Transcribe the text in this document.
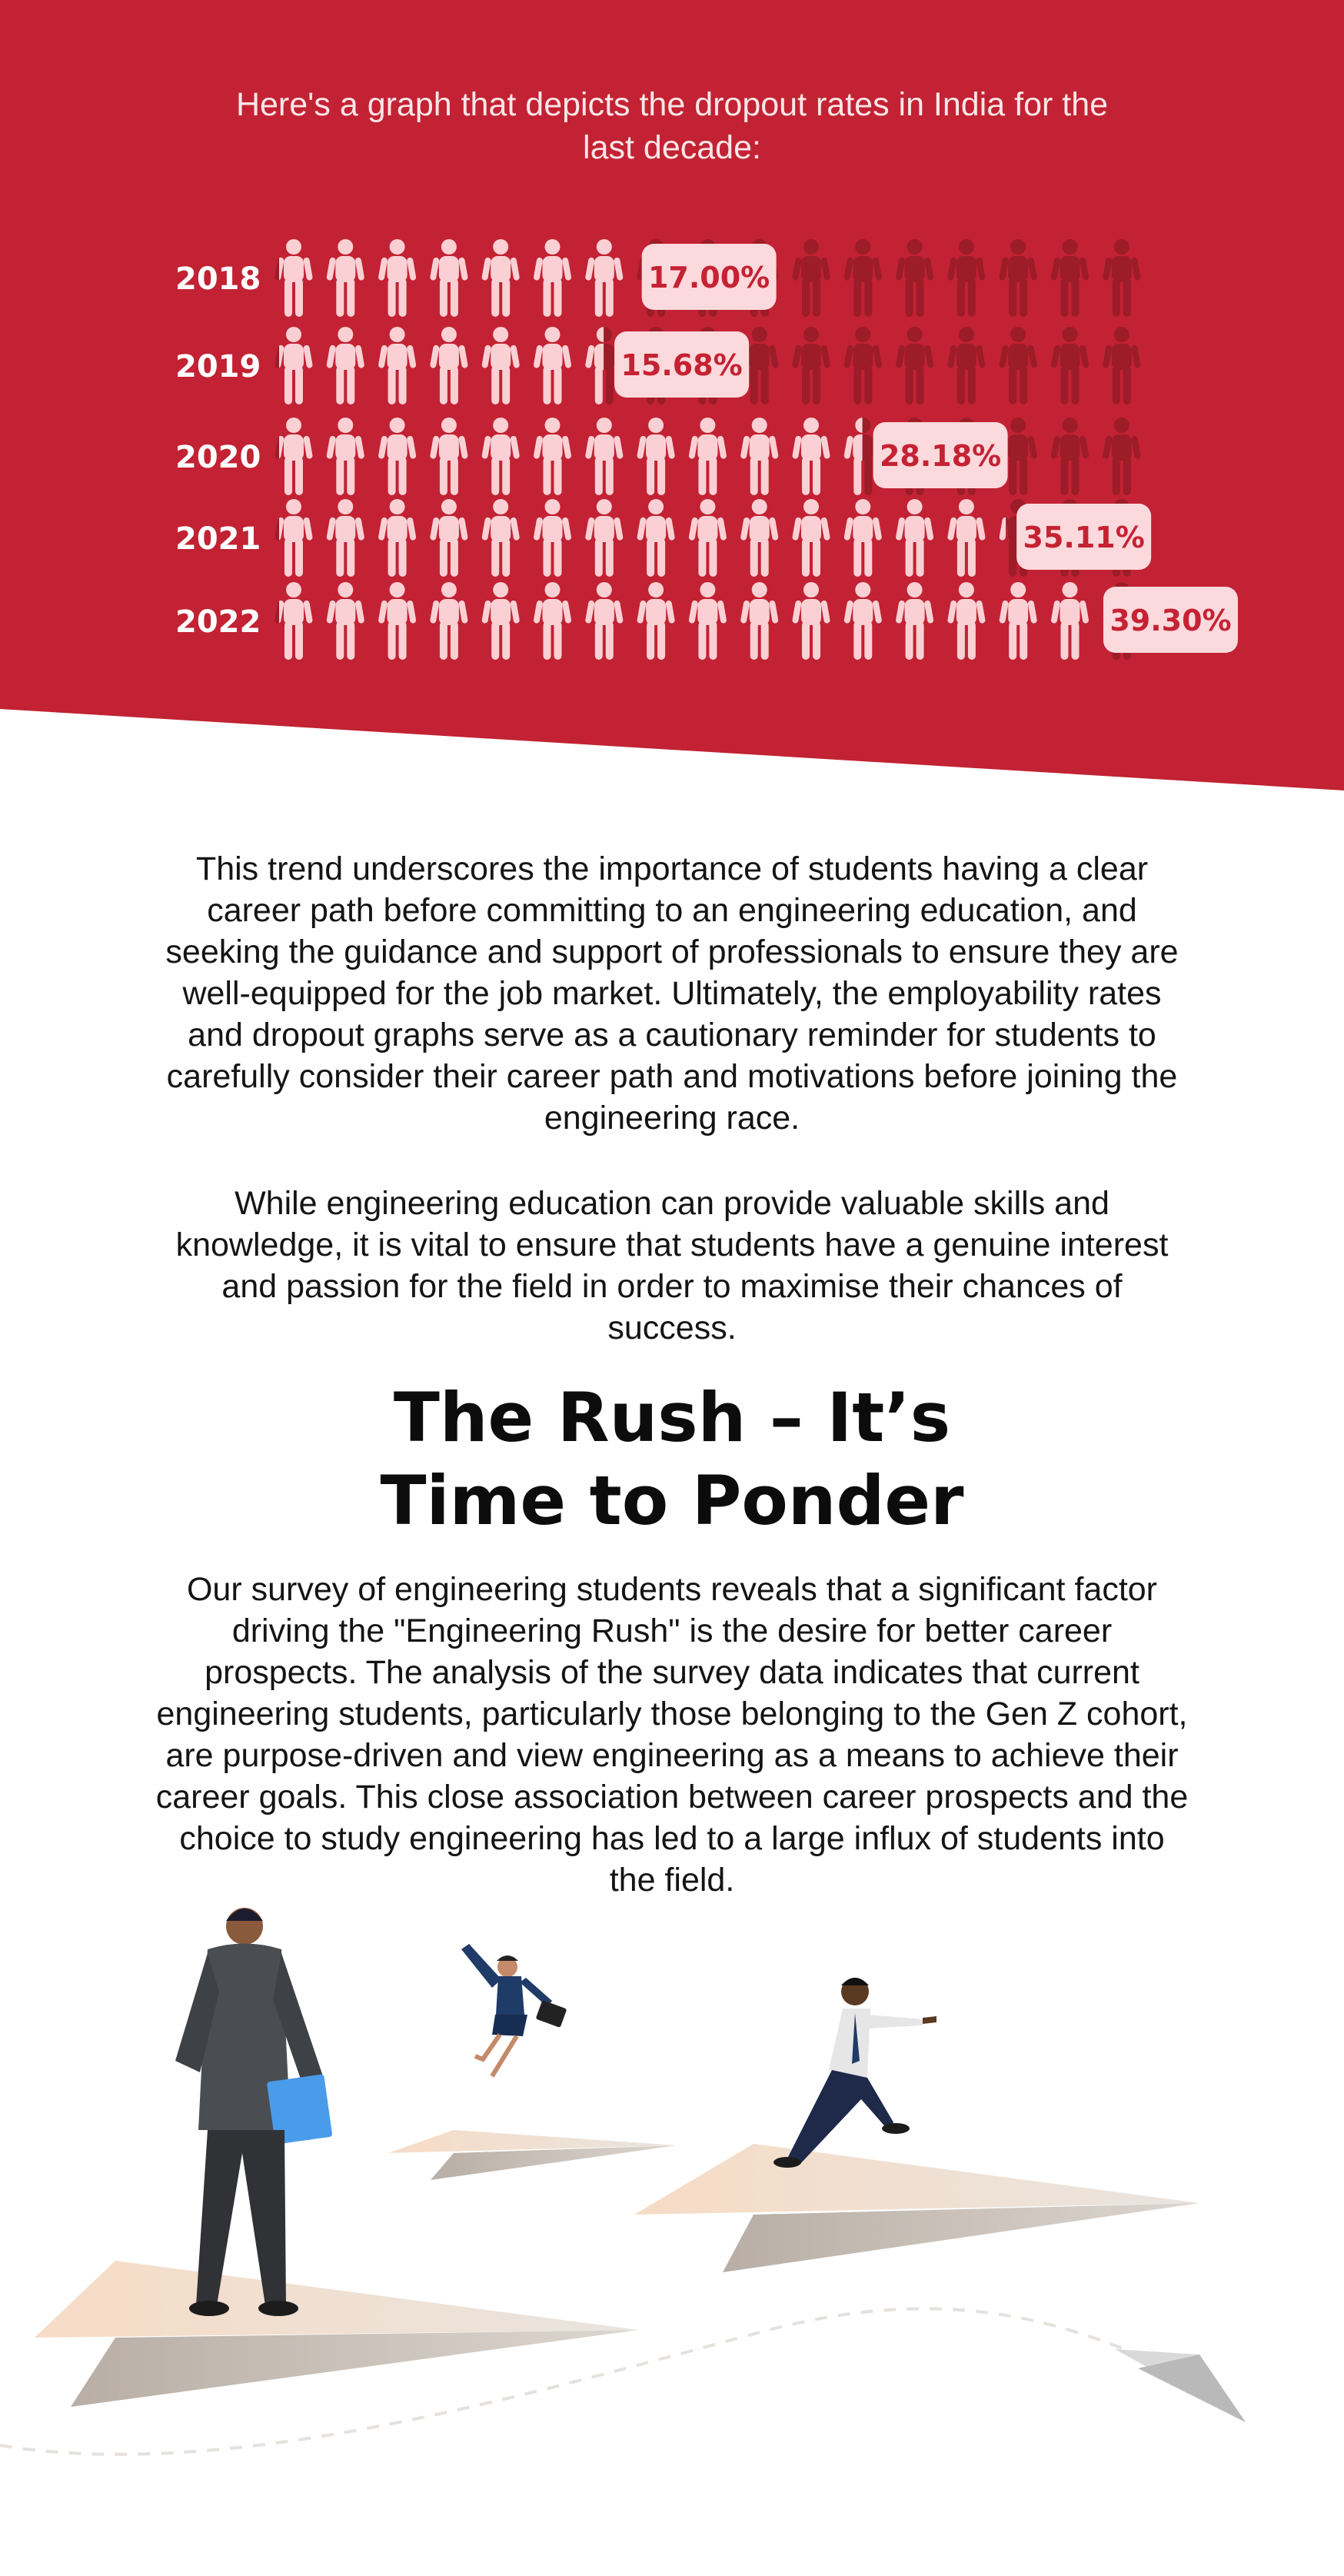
Here's a graph that depicts the dropout rates in India for the last decade:

2018	17.00%
2019	15.68%
2020	28.18%
2021	35.11%
2022	39.30%

This trend underscores the importance of students having a clear career path before committing to an engineering education, and seeking the guidance and support of professionals to ensure they are well-equipped for the job market. Ultimately, the employability rates and dropout graphs serve as a cautionary reminder for students to carefully consider their career path and motivations before joining the engineering race.

While engineering education can provide valuable skills and knowledge, it is vital to ensure that students have a genuine interest and passion for the field in order to maximise their chances of success.

The Rush – It’s
Time to Ponder

Our survey of engineering students reveals that a significant factor driving the "Engineering Rush" is the desire for better career prospects. The analysis of the survey data indicates that current engineering students, particularly those belonging to the Gen Z cohort, are purpose-driven and view engineering as a means to achieve their career goals. This close association between career prospects and the choice to study engineering has led to a large influx of students into the field.
